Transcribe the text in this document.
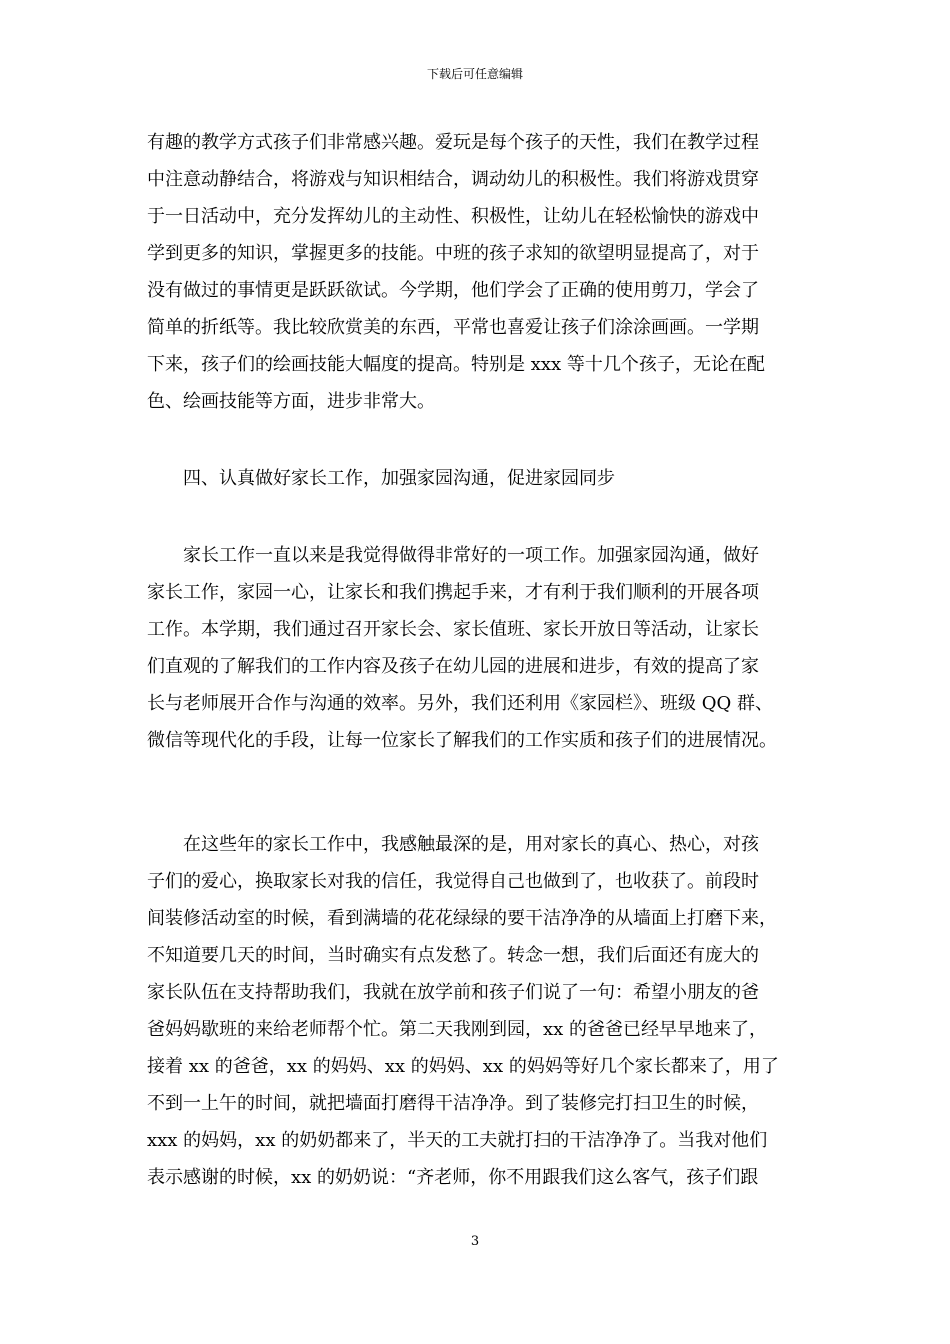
下载后可任意编辑
有趣的教学方式孩子们非常感兴趣。爱玩是每个孩子的天性，我们在教学过程
中注意动静结合，将游戏与知识相结合，调动幼儿的积极性。我们将游戏贯穿
于一日活动中，充分发挥幼儿的主动性、积极性，让幼儿在轻松愉快的游戏中
学到更多的知识，掌握更多的技能。中班的孩子求知的欲望明显提高了，对于
没有做过的事情更是跃跃欲试。今学期，他们学会了正确的使用剪刀，学会了
简单的折纸等。我比较欣赏美的东西，平常也喜爱让孩子们涂涂画画。一学期
下来，孩子们的绘画技能大幅度的提高。特别是 xxx 等十几个孩子，无论在配
色、绘画技能等方面，进步非常大。
四、认真做好家长工作，加强家园沟通，促进家园同步
家长工作一直以来是我觉得做得非常好的一项工作。加强家园沟通，做好
家长工作，家园一心，让家长和我们携起手来，才有利于我们顺利的开展各项
工作。本学期，我们通过召开家长会、家长值班、家长开放日等活动，让家长
们直观的了解我们的工作内容及孩子在幼儿园的进展和进步，有效的提高了家
长与老师展开合作与沟通的效率。另外，我们还利用《家园栏》、班级 QQ 群、
微信等现代化的手段，让每一位家长了解我们的工作实质和孩子们的进展情况。
在这些年的家长工作中，我感触最深的是，用对家长的真心、热心，对孩
子们的爱心，换取家长对我的信任，我觉得自己也做到了，也收获了。前段时
间装修活动室的时候，看到满墙的花花绿绿的要干洁净净的从墙面上打磨下来，
不知道要几天的时间，当时确实有点发愁了。转念一想，我们后面还有庞大的
家长队伍在支持帮助我们，我就在放学前和孩子们说了一句：希望小朋友的爸
爸妈妈歇班的来给老师帮个忙。第二天我刚到园，xx 的爸爸已经早早地来了，
接着 xx 的爸爸，xx 的妈妈、xx 的妈妈、xx 的妈妈等好几个家长都来了，用了
不到一上午的时间，就把墙面打磨得干洁净净。到了装修完打扫卫生的时候，
xxx 的妈妈，xx 的奶奶都来了，半天的工夫就打扫的干洁净净了。当我对他们
表示感谢的时候，xx 的奶奶说：“齐老师，你不用跟我们这么客气，孩子们跟
3
